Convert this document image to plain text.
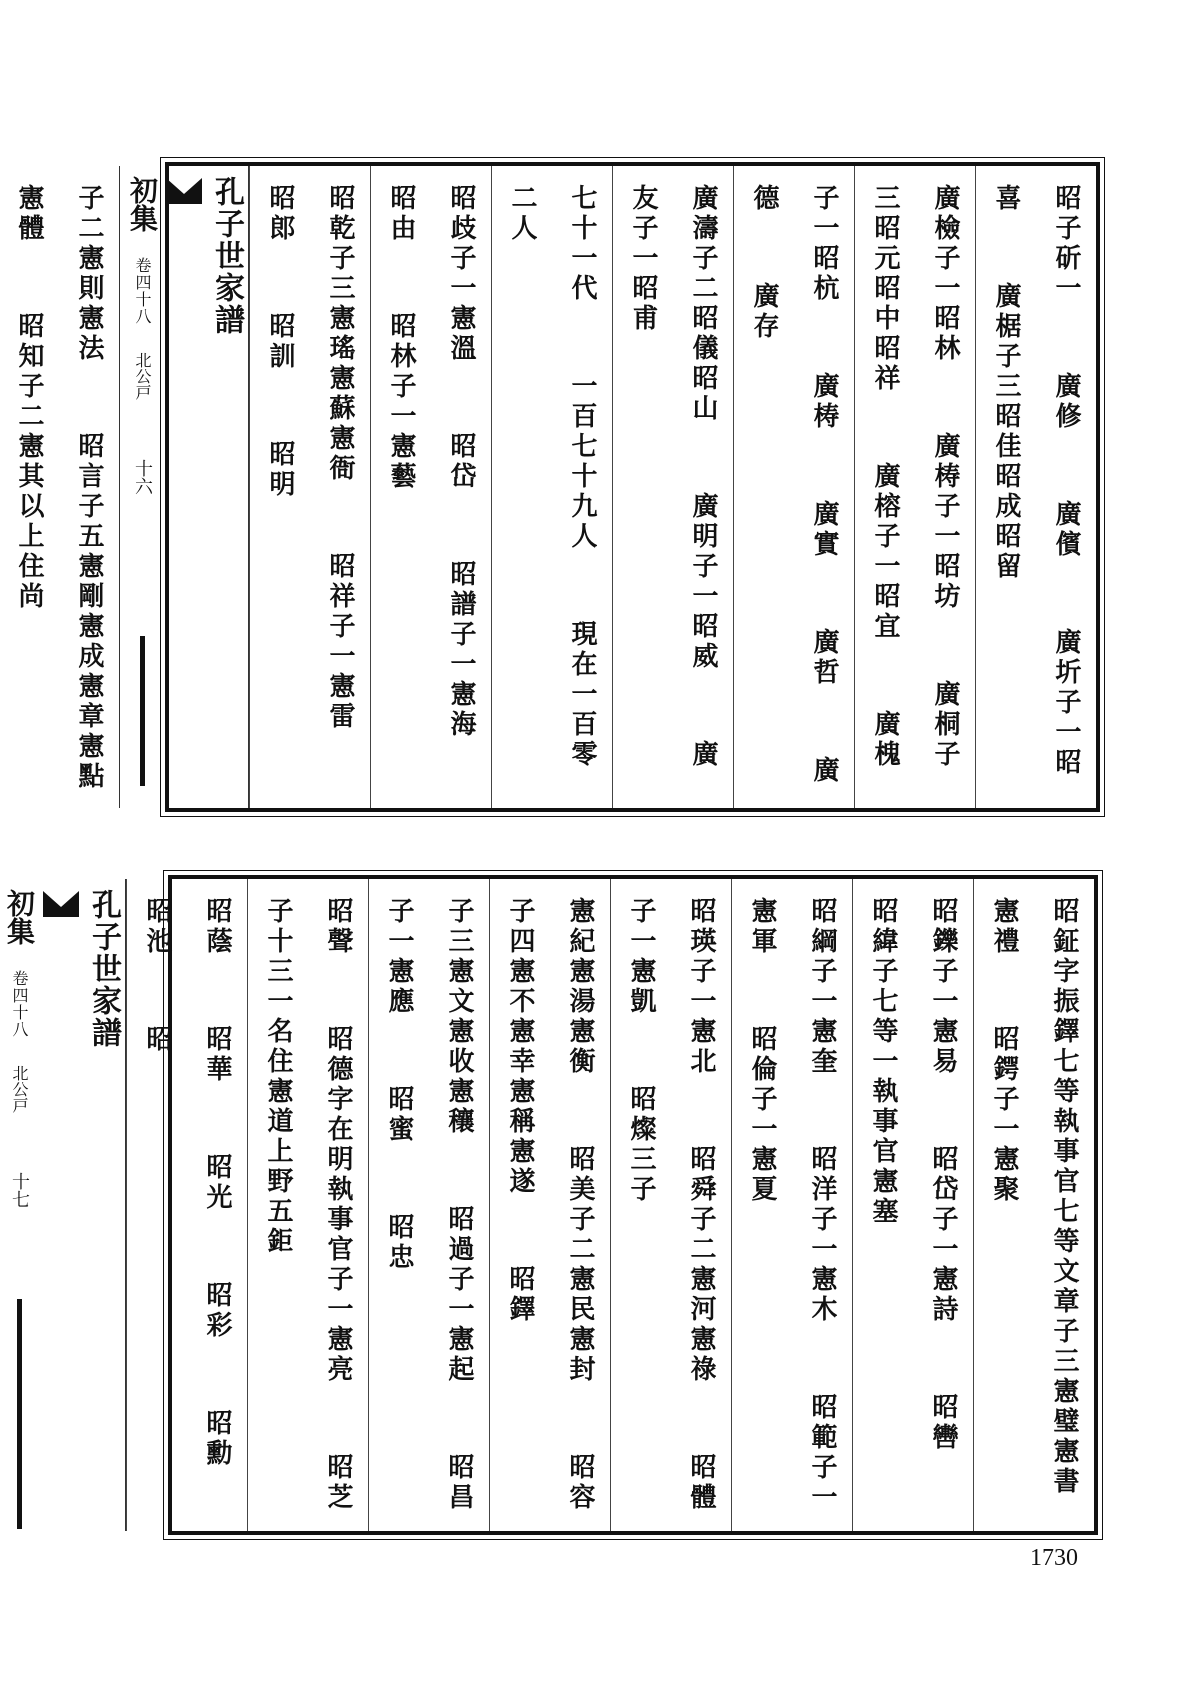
昭子斫一  廣修  廣儐  廣圻子一昭喜  廣椐子三昭佳昭成昭留
廣檢子一昭林  廣梼子一昭坊  廣桐子三昭元昭中昭祥  廣榕子一昭宜  廣槐
子一昭杭  廣梼  廣實  廣哲  廣德  廣存
廣濤子二昭儀昭山  廣明子一昭威  廣友子一昭甫
七十一代  一百七十九人  現在一百零二人
昭歧子一憲溫  昭岱  昭譜子一憲海  昭由  昭林子一憲藝
昭乾子三憲瑤憲蘇憲衙  昭祥子一憲雷  昭郎  昭訓  昭明
孔子世家譜
初集 卷四十八 北公戸 十六
子二憲則憲法  昭言子五憲剛憲成憲章憲點憲體  昭知子二憲其以上住尚
昭鉦字振鐸七等執事官七等文章子三憲璧憲書憲禮  昭鍔子一憲聚
昭鑠子一憲易  昭岱子一憲詩  昭轡  昭緯子七等一執事官憲塞
昭綱子一憲奎  昭洋子一憲木  昭範子一憲軍  昭倫子一憲夏
昭瑛子一憲北  昭舜子二憲河憲祿  昭體子一憲凱  昭燦三子
憲紀憲湯憲衡  昭美子二憲民憲封  昭容子四憲不憲幸憲稱憲遂  昭鐸
子三憲文憲收憲穰  昭過子一憲起  昭昌子一憲應  昭蜜  昭忠
昭聲  昭德字在明執事官子一憲亮  昭芝子十三一名住憲道上野五鉅
昭蔭  昭華  昭光  昭彩  昭勳  昭池  昭
孔子世家譜
初集 卷四十八 北公戸 十七
1730
